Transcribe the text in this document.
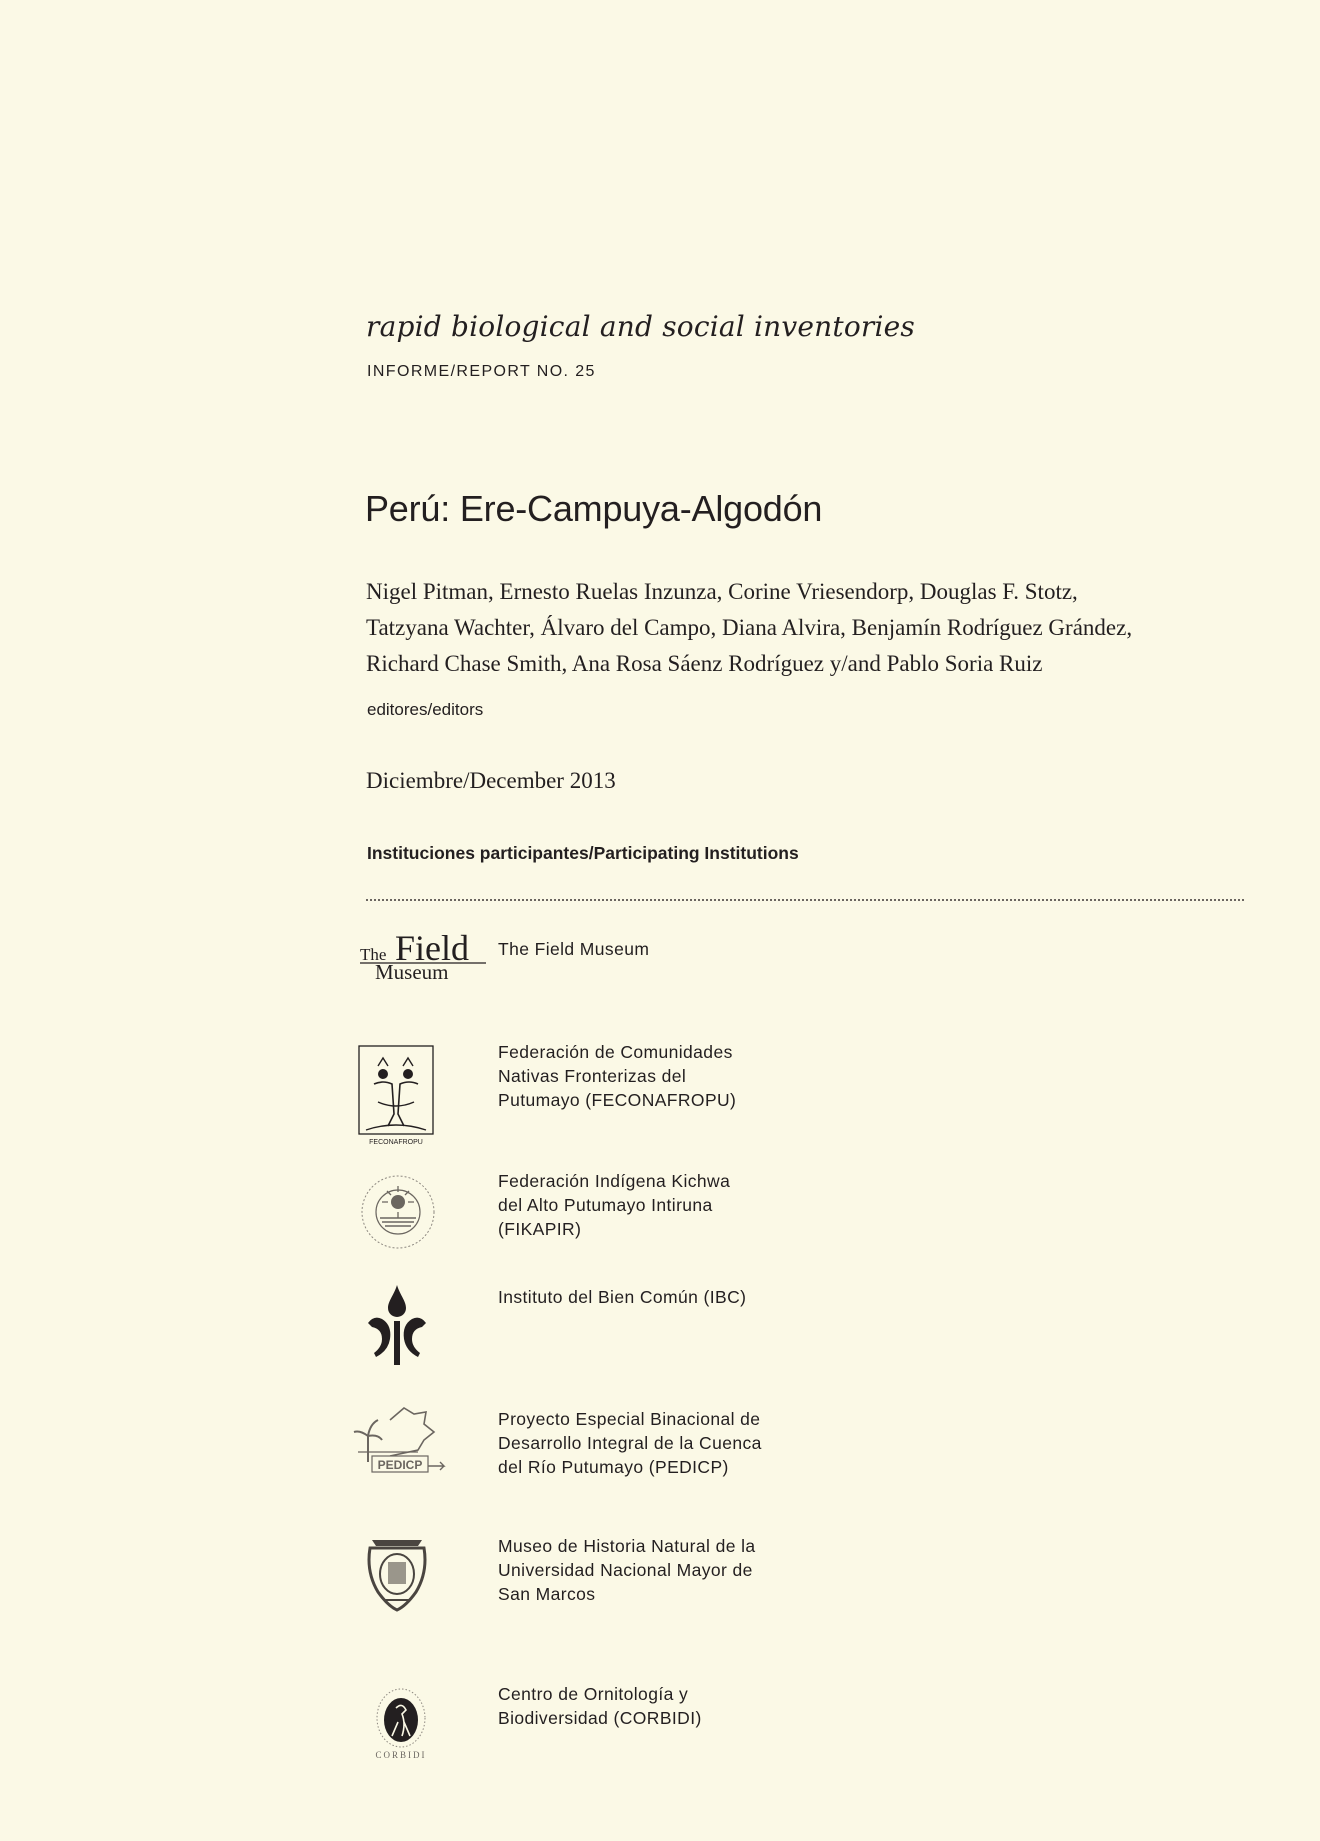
rapid biological and social inventories
INFORME/REPORT NO. 25
Perú: Ere-Campuya-Algodón
Nigel Pitman, Ernesto Ruelas Inzunza, Corine Vriesendorp, Douglas F. Stotz,
Tatzyana Wachter, Álvaro del Campo, Diana Alvira, Benjamín Rodríguez Grández,
Richard Chase Smith, Ana Rosa Sáenz Rodríguez y/and Pablo Soria Ruiz
editores/editors
Diciembre/December 2013
Instituciones participantes/Participating Institutions
The Field
Museum
The Field Museum
FECONAFROPU
Federación de Comunidades
Nativas Fronterizas del
Putumayo (FECONAFROPU)
Federación Indígena Kichwa
del Alto Putumayo Intiruna
(FIKAPIR)
Instituto del Bien Común (IBC)
PEDICP
Proyecto Especial Binacional de
Desarrollo Integral de la Cuenca
del Río Putumayo (PEDICP)
Museo de Historia Natural de la
Universidad Nacional Mayor de
San Marcos
CORBIDI
Centro de Ornitología y
Biodiversidad (CORBIDI)
